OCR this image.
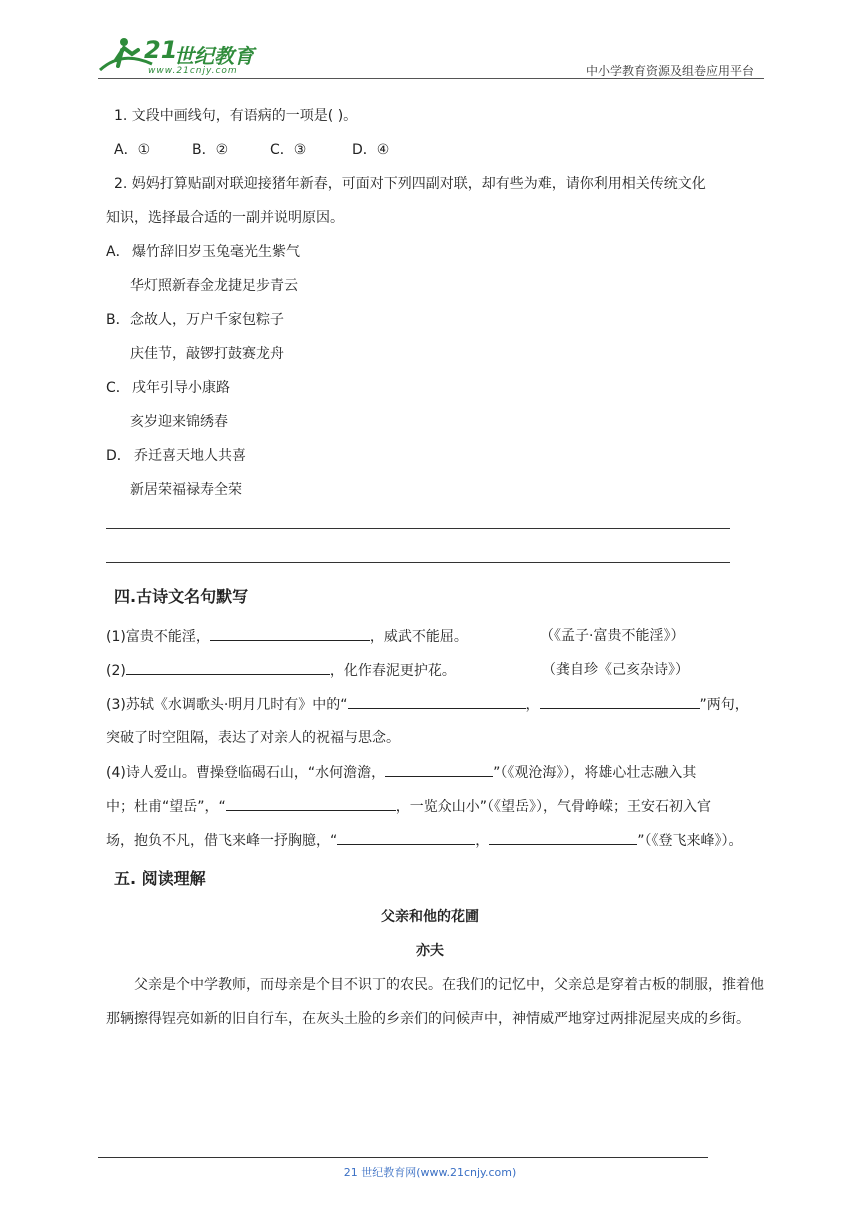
21
世纪教育
www.21cnjy.com	中小学教育资源及组卷应用平台
1. 文段中画线句，有语病的一项是( )。
A．①	B．②	C．③	D．④
2. 妈妈打算贴副对联迎接猪年新春，可面对下列四副对联，却有些为难，请你利用相关传统文化
知识，选择最合适的一副并说明原因。
A． 爆竹辞旧岁玉兔毫光生紫气
华灯照新春金龙捷足步青云
B． 念故人，万户千家包粽子
庆佳节，敲锣打鼓赛龙舟
C． 戌年引导小康路
亥岁迎来锦绣春
D． 乔迁喜天地人共喜
新居荣福禄寿全荣
四.古诗文名句默写
(1)富贵不能淫，	，威武不能屈。	（《孟子·富贵不能淫》）
(2)	，化作春泥更护花。	（龚自珍《己亥杂诗》）
(3)苏轼《水调歌头·明月几时有》中的“	，	”两句，
突破了时空阻隔，表达了对亲人的祝福与思念。
(4)诗人爱山。曹操登临碣石山，“水何澹澹，	”（《观沧海》），将雄心壮志融入其
中；杜甫“望岳”，“	，一览众山小”（《望岳》），气骨峥嵘；王安石初入官
场，抱负不凡，借飞来峰一抒胸臆，“	，	”（《登飞来峰》）。
五. 阅读理解
父亲和他的花圃
亦夫
父亲是个中学教师，而母亲是个目不识丁的农民。在我们的记忆中，父亲总是穿着古板的制服，推着他那辆擦得锃亮如新的旧自行车，在灰头土脸的乡亲们的问候声中，神情威严地穿过两排泥屋夹成的乡街。
21 世纪教育网(www.21cnjy.com)
